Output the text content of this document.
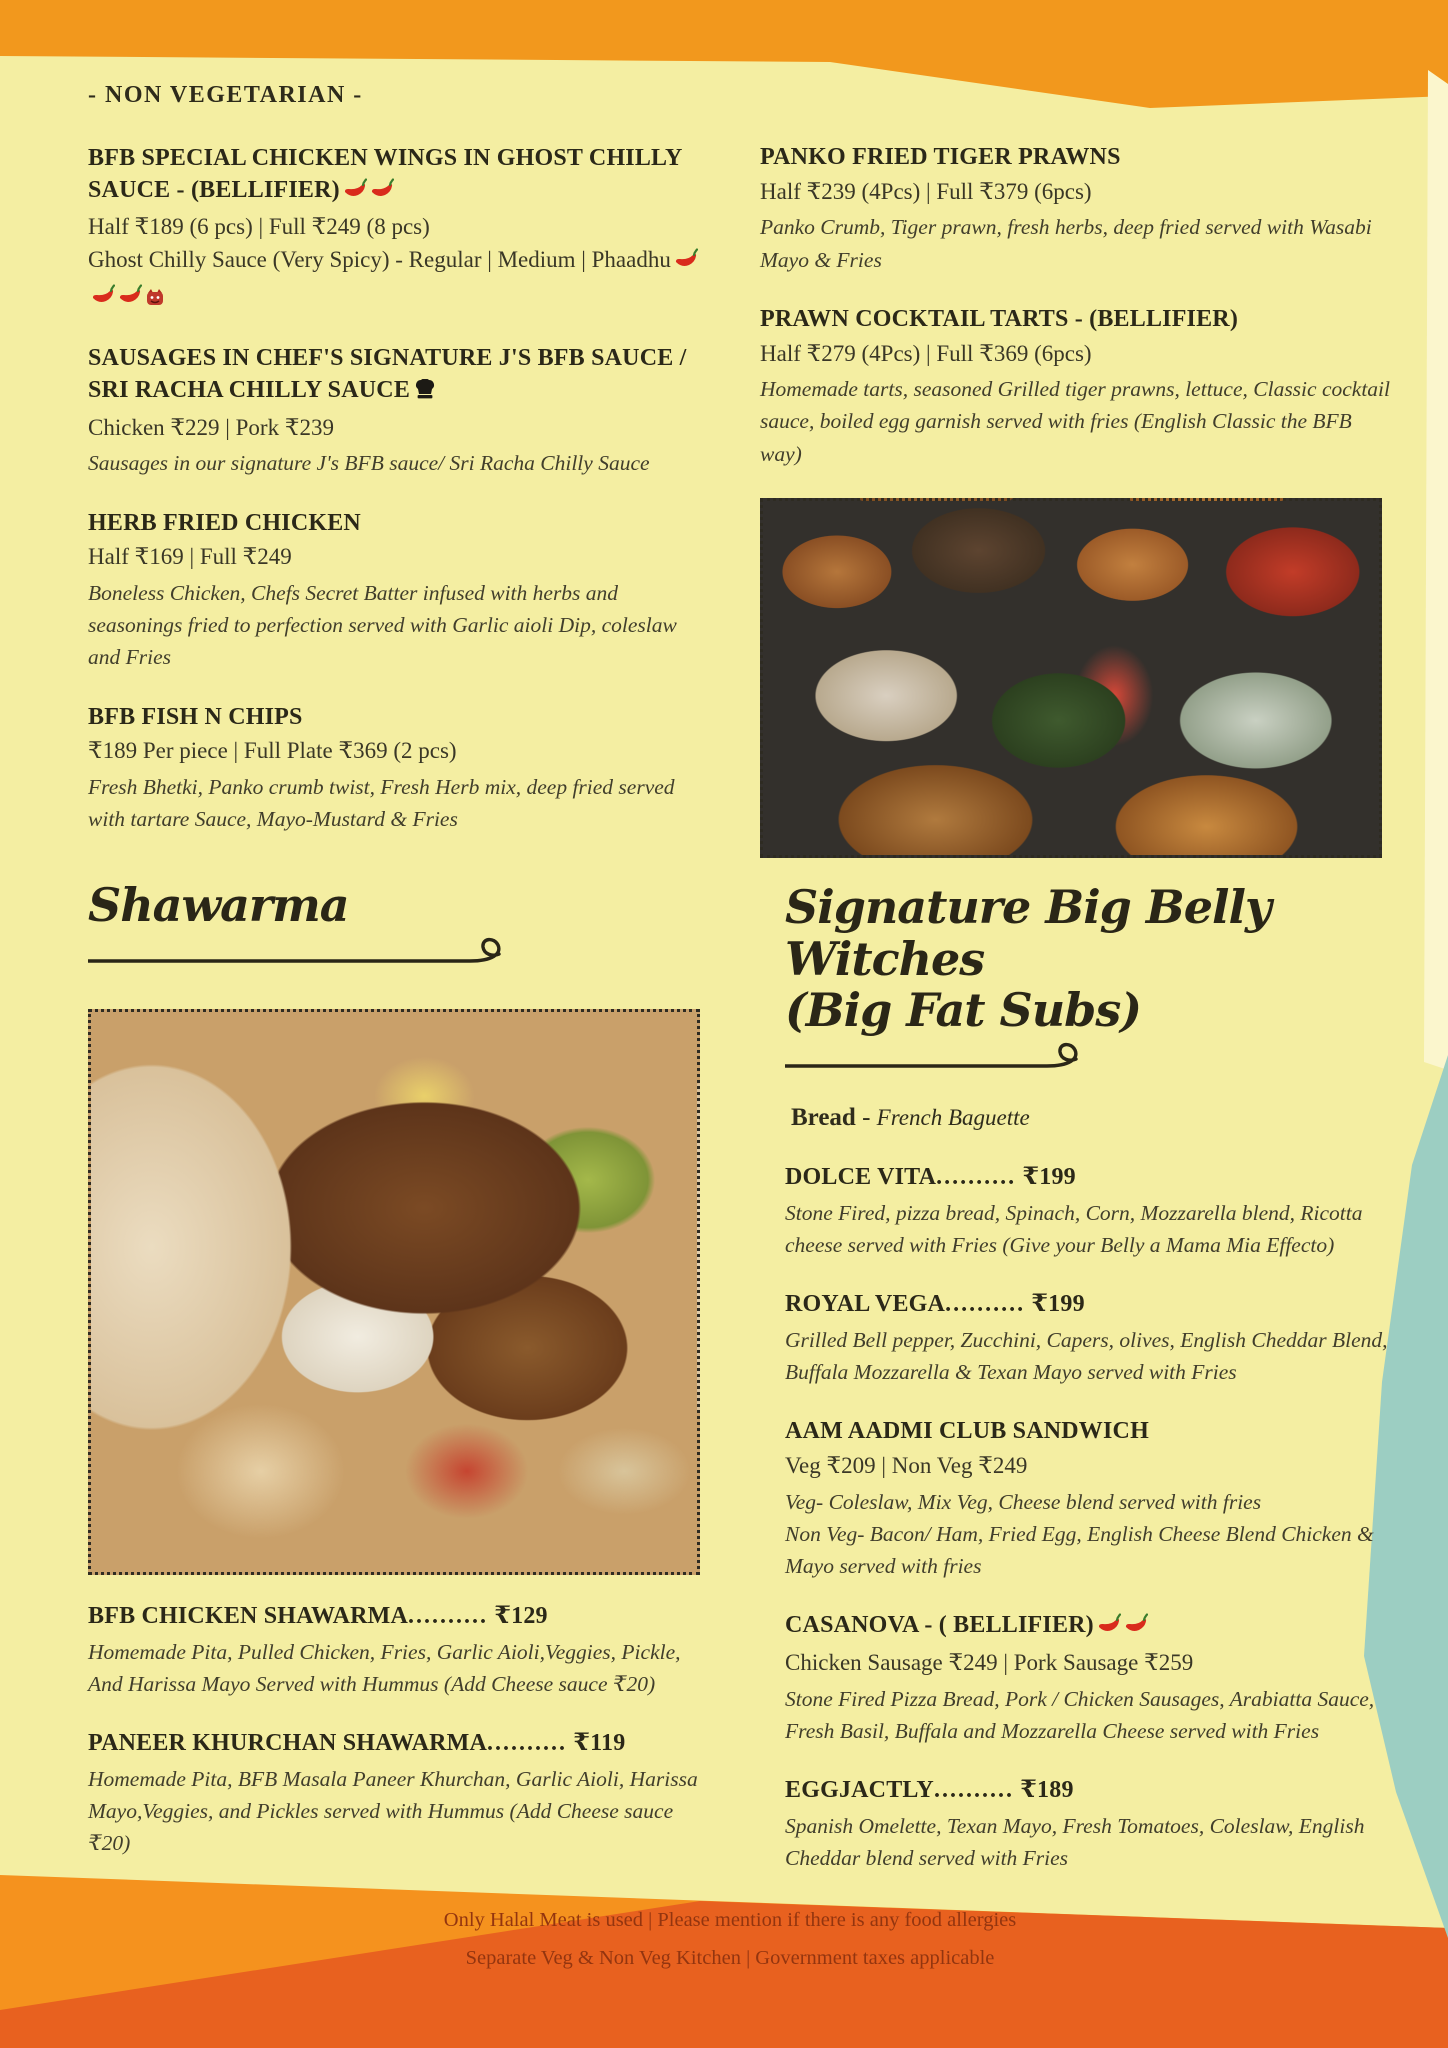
- NON VEGETARIAN -
BFB SPECIAL CHICKEN WINGS IN GHOST CHILLY SAUCE - (BELLIFIER)

Half ₹189 (6 pcs) | Full ₹249 (8 pcs)

Ghost Chilly Sauce (Very Spicy) - Regular | Medium | Phaadhu

SAUSAGES IN CHEF'S SIGNATURE J'S BFB SAUCE / SRI RACHA CHILLY SAUCE

Chicken ₹229 | Pork ₹239

Sausages in our signature J's BFB sauce/ Sri Racha Chilly Sauce

HERB FRIED CHICKEN

Half ₹169 | Full ₹249

Boneless Chicken, Chefs Secret Batter infused with herbs and seasonings fried to perfection served with Garlic aioli Dip, coleslaw and Fries

BFB FISH N CHIPS

₹189 Per piece | Full Plate ₹369 (2 pcs)

Fresh Bhetki, Panko crumb twist, Fresh Herb mix, deep fried served with tartare Sauce, Mayo-Mustard & Fries

PANKO FRIED TIGER PRAWNS

Half ₹239 (4Pcs) | Full ₹379 (6pcs)

Panko Crumb, Tiger prawn, fresh herbs, deep fried served with Wasabi Mayo & Fries

PRAWN COCKTAIL TARTS - (BELLIFIER)

Half ₹279 (4Pcs) | Full ₹369 (6pcs)

Homemade tarts, seasoned Grilled tiger prawns, lettuce, Classic cocktail sauce, boiled egg garnish served with fries (English Classic the BFB way)

Shawarma
BFB CHICKEN SHAWARMA.......... ₹129

Homemade Pita, Pulled Chicken, Fries, Garlic Aioli,Veggies, Pickle, And Harissa Mayo Served with Hummus (Add Cheese sauce ₹20)

PANEER KHURCHAN SHAWARMA.......... ₹119

Homemade Pita, BFB Masala Paneer Khurchan, Garlic Aioli, Harissa Mayo,Veggies, and Pickles served with Hummus (Add Cheese sauce ₹20)

Signature Big Belly Witches
(Big Fat Subs)

Bread - French Baguette

DOLCE VITA.......... ₹199

Stone Fired, pizza bread, Spinach, Corn, Mozzarella blend, Ricotta cheese served with Fries (Give your Belly a Mama Mia Effecto)

ROYAL VEGA.......... ₹199

Grilled Bell pepper, Zucchini, Capers, olives, English Cheddar Blend, Buffala Mozzarella & Texan Mayo served with Fries

AAM AADMI CLUB SANDWICH

Veg ₹209 | Non Veg ₹249

Veg- Coleslaw, Mix Veg, Cheese blend served with fries

Non Veg- Bacon/ Ham, Fried Egg, English Cheese Blend Chicken & Mayo served with fries

CASANOVA - ( BELLIFIER)

Chicken Sausage ₹249 | Pork Sausage ₹259

Stone Fired Pizza Bread, Pork / Chicken Sausages, Arabiatta Sauce, Fresh Basil, Buffala and Mozzarella Cheese served with Fries

EGGJACTLY.......... ₹189

Spanish Omelette, Texan Mayo, Fresh Tomatoes, Coleslaw, English Cheddar blend served with Fries

Only Halal Meat is used | Please mention if there is any food allergies
Separate Veg & Non Veg Kitchen | Government taxes applicable
